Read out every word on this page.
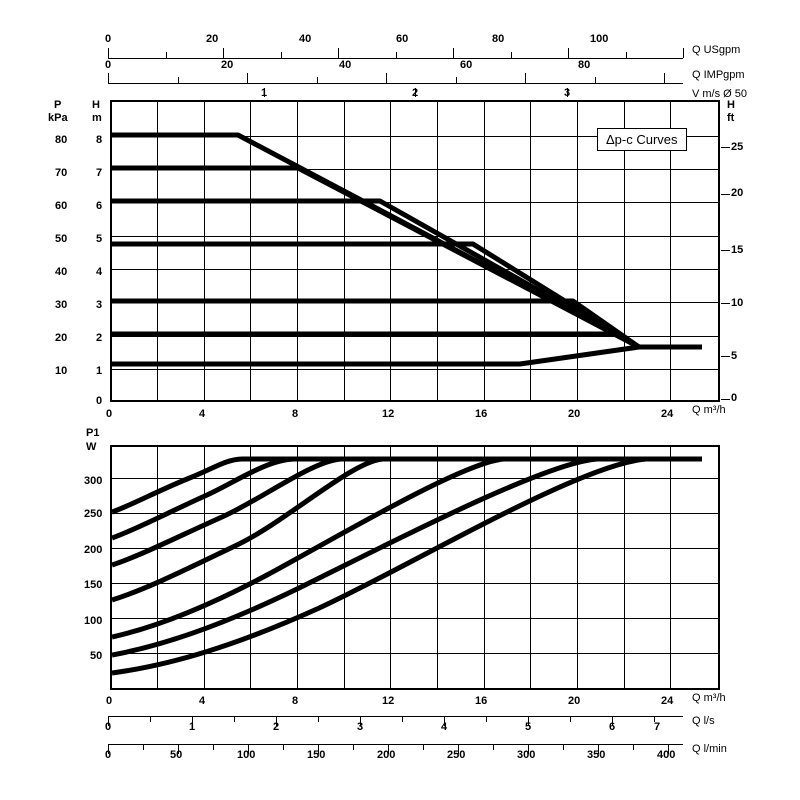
0	20	40	60	80	100
Q USgpm
0	20	40	60	80
Q IMPgpm
1	2	3	V m/s Ø 50
P
kPa
H
m
H
ft
80
70
60
50
40
30
20
10
8
7
6
5
4
3
2
1
0
25
20
15
10
5
0
0	4	8	12	16	20	24 Q m³/h
Δp-c Curves
P1
W
300
250
200
150
100
50
0	4	8	12	16	20	24 Q m³/h
0	1	2	3	4	5	6	7	Q l/s
0	50	100	150	200	250	300	350	400 Q l/min
